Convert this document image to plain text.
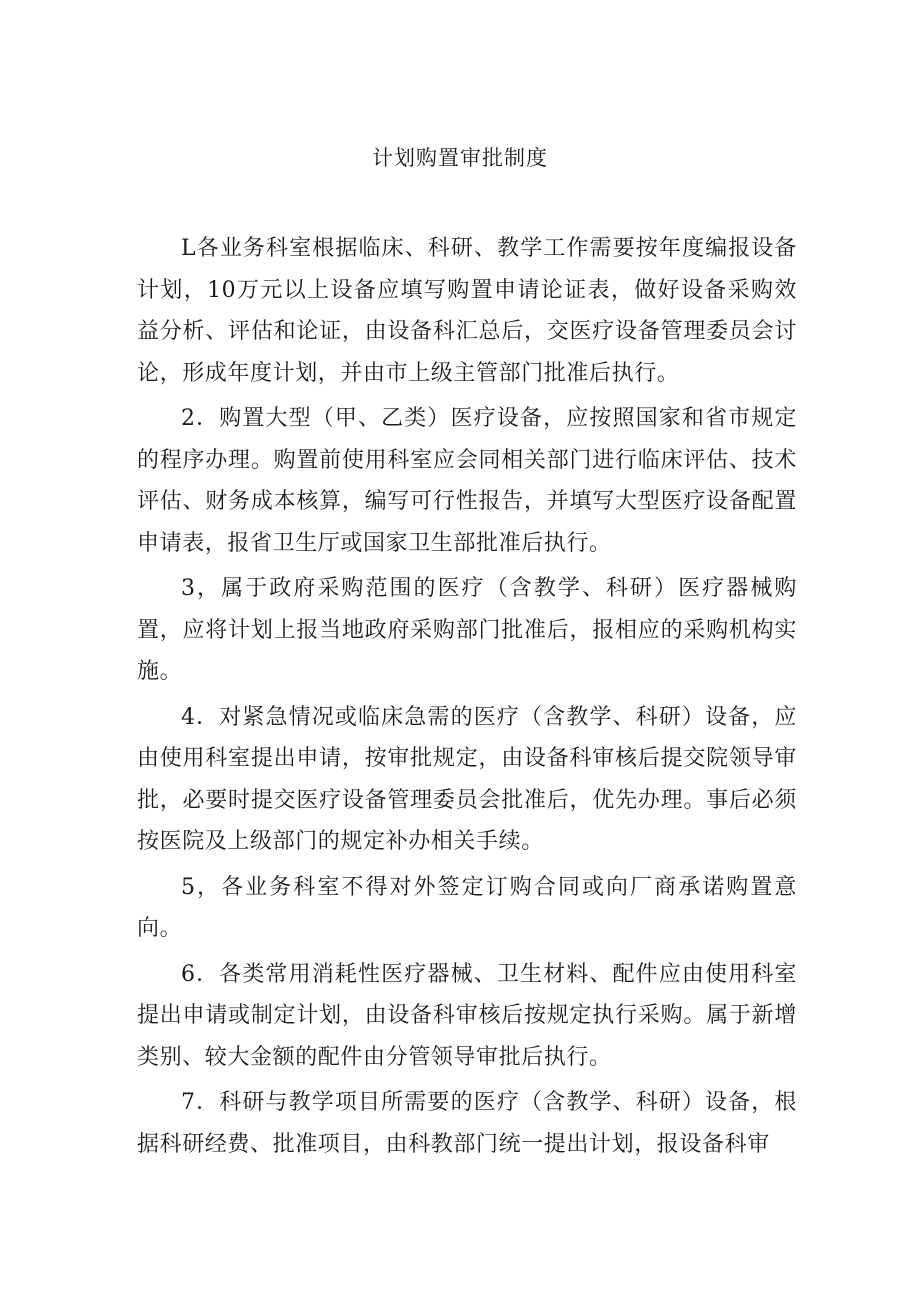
计划购置审批制度

L各业务科室根据临床、科研、教学工作需要按年度编报设备计划，10万元以上设备应填写购置申请论证表，做好设备采购效益分析、评估和论证，由设备科汇总后，交医疗设备管理委员会讨论，形成年度计划，并由市上级主管部门批准后执行。

2．购置大型（甲、乙类）医疗设备，应按照国家和省市规定的程序办理。购置前使用科室应会同相关部门进行临床评估、技术评估、财务成本核算，编写可行性报告，并填写大型医疗设备配置申请表，报省卫生厅或国家卫生部批准后执行。

3，属于政府采购范围的医疗（含教学、科研）医疗器械购置，应将计划上报当地政府采购部门批准后，报相应的采购机构实施。

4．对紧急情况或临床急需的医疗（含教学、科研）设备，应由使用科室提出申请，按审批规定，由设备科审核后提交院领导审批，必要时提交医疗设备管理委员会批准后，优先办理。事后必须按医院及上级部门的规定补办相关手续。

5，各业务科室不得对外签定订购合同或向厂商承诺购置意向。

6．各类常用消耗性医疗器械、卫生材料、配件应由使用科室提出申请或制定计划，由设备科审核后按规定执行采购。属于新增类别、较大金额的配件由分管领导审批后执行。

7．科研与教学项目所需要的医疗（含教学、科研）设备，根据科研经费、批准项目，由科教部门统一提出计划，报设备科审
